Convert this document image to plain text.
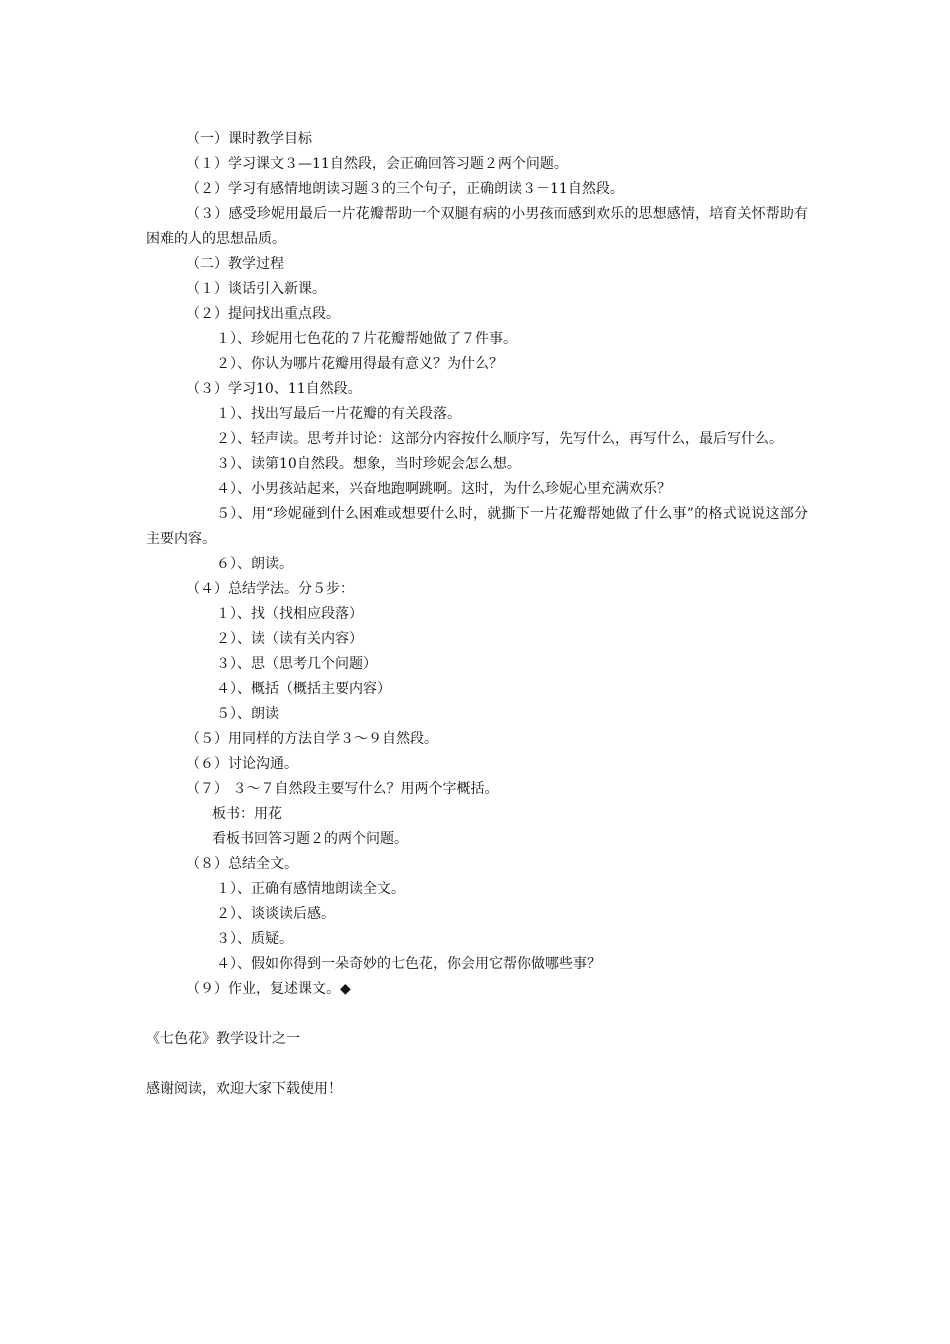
（一）课时教学目标
（１）学习课文３—11自然段，会正确回答习题２两个问题。
（２）学习有感情地朗读习题３的三个句子，正确朗读３－11自然段。
（３）感受珍妮用最后一片花瓣帮助一个双腿有病的小男孩而感到欢乐的思想感情，培育关怀帮助有困难的人的思想品质。
（二）教学过程
（１）谈话引入新课。
（２）提问找出重点段。
１）、珍妮用七色花的７片花瓣帮她做了７件事。
２）、你认为哪片花瓣用得最有意义？为什么？
（３）学习10、11自然段。
１）、找出写最后一片花瓣的有关段落。
２）、轻声读。思考并讨论：这部分内容按什么顺序写，先写什么，再写什么，最后写什么。
３）、读第10自然段。想象，当时珍妮会怎么想。
４）、小男孩站起来，兴奋地跑啊跳啊。这时，为什么珍妮心里充满欢乐？
５）、用“珍妮碰到什么困难或想要什么时，就撕下一片花瓣帮她做了什么事”的格式说说这部分主要内容。
６）、朗读。
（４）总结学法。分５步：
１）、找（找相应段落）
２）、读（读有关内容）
３）、思（思考几个问题）
４）、概括（概括主要内容）
５）、朗读
（５）用同样的方法自学３～９自然段。
（６）讨论沟通。
（７） ３～７自然段主要写什么？用两个字概括。
板书：用花
看板书回答习题２的两个问题。
（８）总结全文。
１）、正确有感情地朗读全文。
２）、谈谈读后感。
３）、质疑。
４）、假如你得到一朵奇妙的七色花，你会用它帮你做哪些事？
（９）作业，复述课文。◆
《七色花》教学设计之一
感谢阅读，欢迎大家下载使用！
